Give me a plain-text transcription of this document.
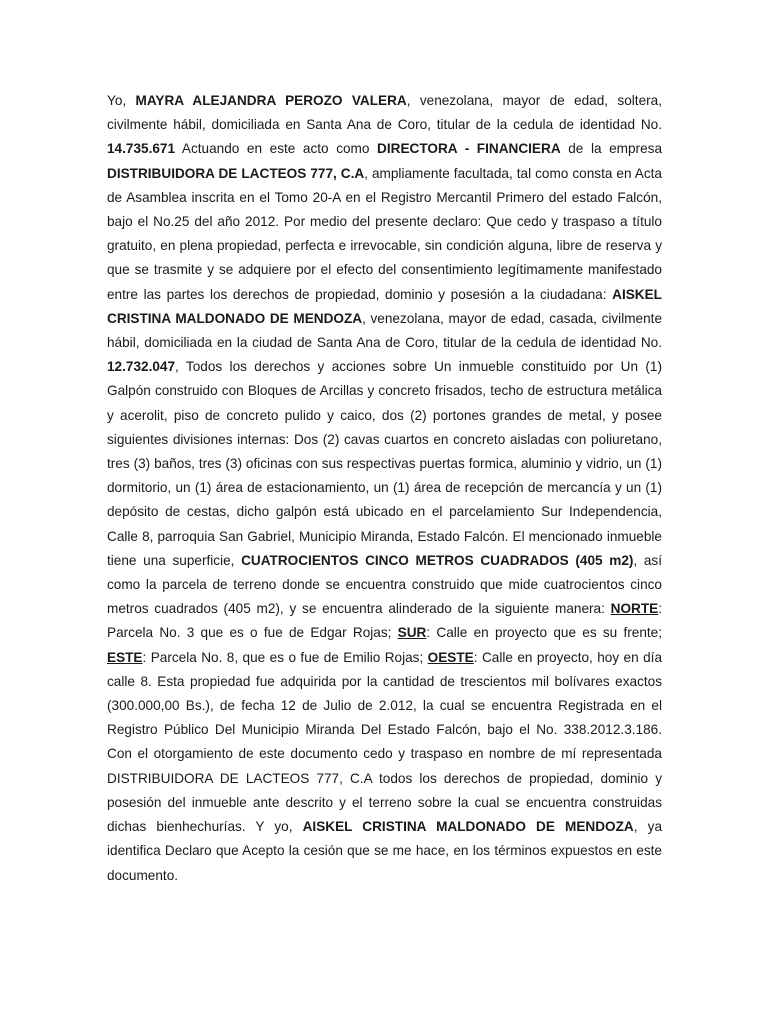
Yo, MAYRA ALEJANDRA PEROZO VALERA, venezolana, mayor de edad, soltera, civilmente hábil, domiciliada en Santa Ana de Coro, titular de la cedula de identidad No. 14.735.671 Actuando en este acto como DIRECTORA - FINANCIERA de la empresa DISTRIBUIDORA DE LACTEOS 777, C.A, ampliamente facultada, tal como consta en Acta de Asamblea inscrita en el Tomo 20-A en el Registro Mercantil Primero del estado Falcón, bajo el No.25 del año 2012. Por medio del presente declaro: Que cedo y traspaso a título gratuito, en plena propiedad, perfecta e irrevocable, sin condición alguna, libre de reserva y que se trasmite y se adquiere por el efecto del consentimiento legítimamente manifestado entre las partes los derechos de propiedad, dominio y posesión a la ciudadana: AISKEL CRISTINA MALDONADO DE MENDOZA, venezolana, mayor de edad, casada, civilmente hábil, domiciliada en la ciudad de Santa Ana de Coro, titular de la cedula de identidad No. 12.732.047, Todos los derechos y acciones sobre Un inmueble constituido por Un (1) Galpón construido con Bloques de Arcillas y concreto frisados, techo de estructura metálica y acerolit, piso de concreto pulido y caico, dos (2) portones grandes de metal, y posee siguientes divisiones internas: Dos (2) cavas cuartos en concreto aisladas con poliuretano, tres (3) baños, tres (3) oficinas con sus respectivas puertas formica, aluminio y vidrio, un (1) dormitorio, un (1) área de estacionamiento, un (1) área de recepción de mercancía y un (1) depósito de cestas, dicho galpón está ubicado en el parcelamiento Sur Independencia, Calle 8, parroquia San Gabriel, Municipio Miranda, Estado Falcón. El mencionado inmueble tiene una superficie, CUATROCIENTOS CINCO METROS CUADRADOS (405 m2), así como la parcela de terreno donde se encuentra construido que mide cuatrocientos cinco metros cuadrados (405 m2), y se encuentra alinderado de la siguiente manera: NORTE: Parcela No. 3 que es o fue de Edgar Rojas; SUR: Calle en proyecto que es su frente; ESTE: Parcela No. 8, que es o fue de Emilio Rojas; OESTE: Calle en proyecto, hoy en día calle 8. Esta propiedad fue adquirida por la cantidad de trescientos mil bolívares exactos (300.000,00 Bs.), de fecha 12 de Julio de 2.012, la cual se encuentra Registrada en el Registro Público Del Municipio Miranda Del Estado Falcón, bajo el No. 338.2012.3.186. Con el otorgamiento de este documento cedo y traspaso en nombre de mí representada DISTRIBUIDORA DE LACTEOS 777, C.A todos los derechos de propiedad, dominio y posesión del inmueble ante descrito y el terreno sobre la cual se encuentra construidas dichas bienhechurías. Y yo, AISKEL CRISTINA MALDONADO DE MENDOZA, ya identifica Declaro que Acepto la cesión que se me hace, en los términos expuestos en este documento.
